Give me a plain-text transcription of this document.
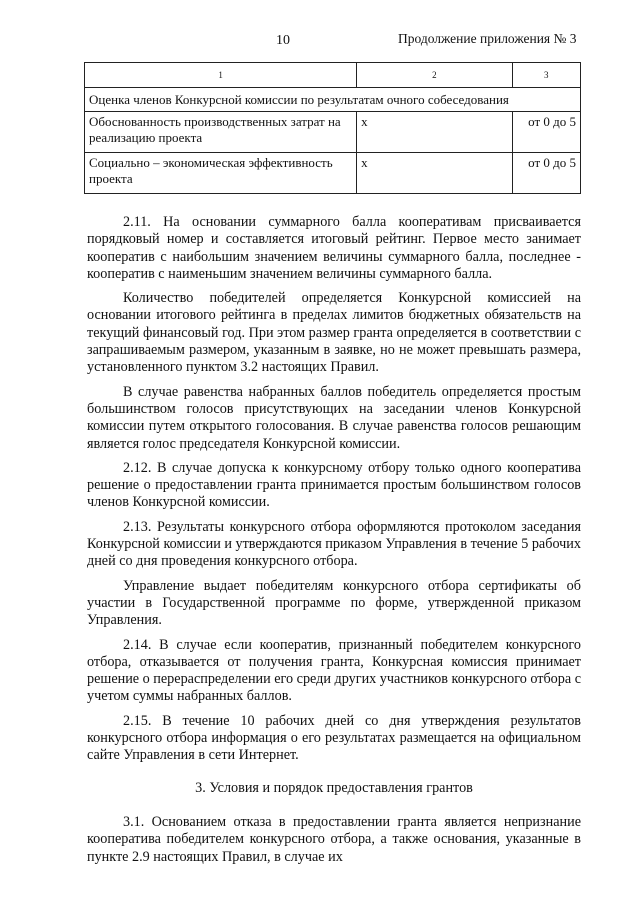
10	Продолжение приложения № 3
1	2	3
Оценка членов Конкурсной комиссии по результатам очного собеседования		
Обоснованность производственных затрат на реализацию проекта	x	от 0 до 5
Социально – экономическая эффективность проекта	x	от 0 до 5

2.11. На основании суммарного балла кооперативам присваивается порядковый номер и составляется итоговый рейтинг. Первое место занимает кооператив с наибольшим значением величины суммарного балла, последнее - кооператив с наименьшим значением величины суммарного балла.

Количество победителей определяется Конкурсной комиссией на основании итогового рейтинга в пределах лимитов бюджетных обязательств на текущий финансовый год. При этом размер гранта определяется в соответствии с запрашиваемым размером, указанным в заявке, но не может превышать размера, установленного пунктом 3.2 настоящих Правил.

В случае равенства набранных баллов победитель определяется простым большинством голосов присутствующих на заседании членов Конкурсной комиссии путем открытого голосования. В случае равенства голосов решающим является голос председателя Конкурсной комиссии.

2.12. В случае допуска к конкурсному отбору только одного кооператива решение о предоставлении гранта принимается простым большинством голосов членов Конкурсной комиссии.

2.13. Результаты конкурсного отбора оформляются протоколом заседания Конкурсной комиссии и утверждаются приказом Управления в течение 5 рабочих дней со дня проведения конкурсного отбора.

Управление выдает победителям конкурсного отбора сертификаты об участии в Государственной программе по форме, утвержденной приказом Управления.

2.14. В случае если кооператив, признанный победителем конкурсного отбора, отказывается от получения гранта, Конкурсная комиссия принимает решение о перераспределении его среди других участников конкурсного отбора с учетом суммы набранных баллов.

2.15. В течение 10 рабочих дней со дня утверждения результатов конкурсного отбора информация о его результатах размещается на официальном сайте Управления в сети Интернет.

3. Условия и порядок предоставления грантов

3.1. Основанием отказа в предоставлении гранта является непризнание кооператива победителем конкурсного отбора, а также основания, указанные в пункте 2.9 настоящих Правил, в случае их
